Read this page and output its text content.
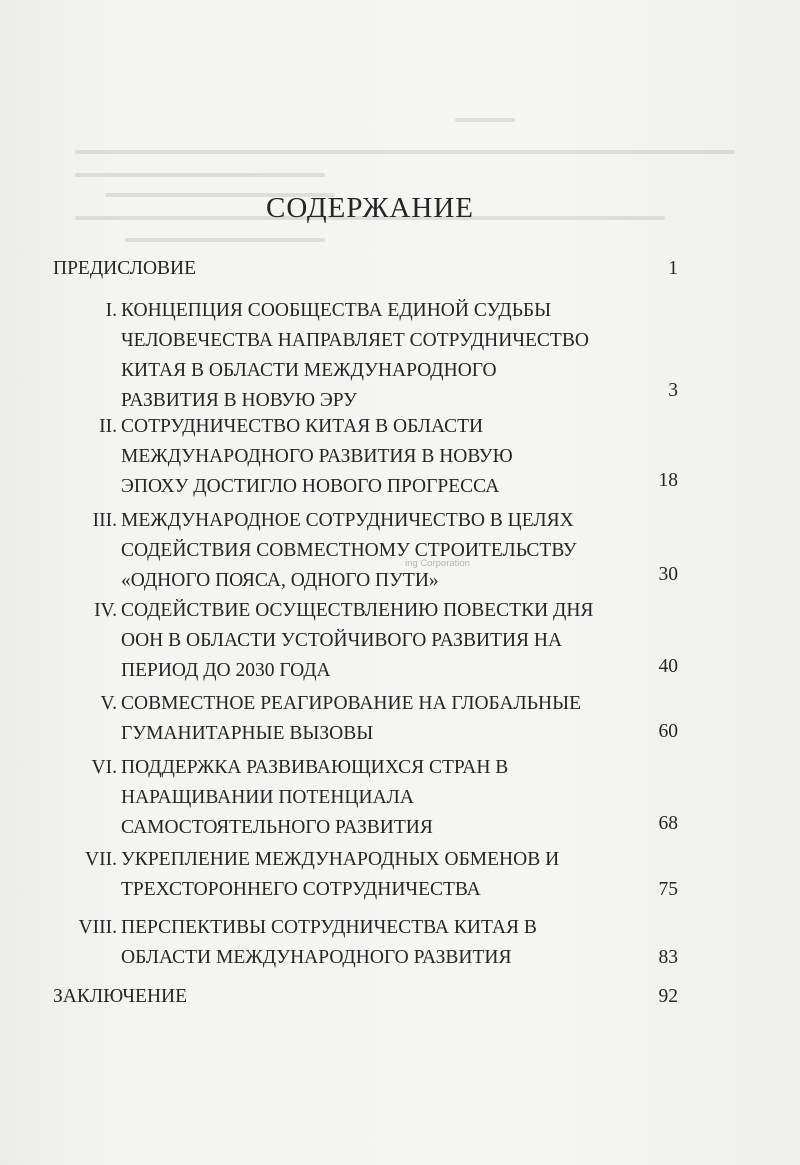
СОДЕРЖАНИЕ
ПРЕДИСЛОВИЕ	1
I. КОНЦЕПЦИЯ СООБЩЕСТВА ЕДИНОЙ СУДЬБЫ
ЧЕЛОВЕЧЕСТВА НАПРАВЛЯЕТ СОТРУДНИЧЕСТВО
КИТАЯ В ОБЛАСТИ МЕЖДУНАРОДНОГО
РАЗВИТИЯ В НОВУЮ ЭРУ	3
II. СОТРУДНИЧЕСТВО КИТАЯ В ОБЛАСТИ
МЕЖДУНАРОДНОГО РАЗВИТИЯ В НОВУЮ
ЭПОХУ ДОСТИГЛО НОВОГО ПРОГРЕССА	18
III. МЕЖДУНАРОДНОЕ СОТРУДНИЧЕСТВО В ЦЕЛЯХ
СОДЕЙСТВИЯ СОВМЕСТНОМУ СТРОИТЕЛЬСТВУ
«ОДНОГО ПОЯСА, ОДНОГО ПУТИ»	30
IV. СОДЕЙСТВИЕ ОСУЩЕСТВЛЕНИЮ ПОВЕСТКИ ДНЯ
ООН В ОБЛАСТИ УСТОЙЧИВОГО РАЗВИТИЯ НА
ПЕРИОД ДО 2030 ГОДА	40
V. СОВМЕСТНОЕ РЕАГИРОВАНИЕ НА ГЛОБАЛЬНЫЕ
ГУМАНИТАРНЫЕ ВЫЗОВЫ	60
VI. ПОДДЕРЖКА РАЗВИВАЮЩИХСЯ СТРАН В
НАРАЩИВАНИИ ПОТЕНЦИАЛА
САМОСТОЯТЕЛЬНОГО РАЗВИТИЯ	68
VII. УКРЕПЛЕНИЕ МЕЖДУНАРОДНЫХ ОБМЕНОВ И
ТРЕХСТОРОННЕГО СОТРУДНИЧЕСТВА	75
VIII. ПЕРСПЕКТИВЫ СОТРУДНИЧЕСТВА КИТАЯ В
ОБЛАСТИ МЕЖДУНАРОДНОГО РАЗВИТИЯ	83
ЗАКЛЮЧЕНИЕ	92
ing Corporation
